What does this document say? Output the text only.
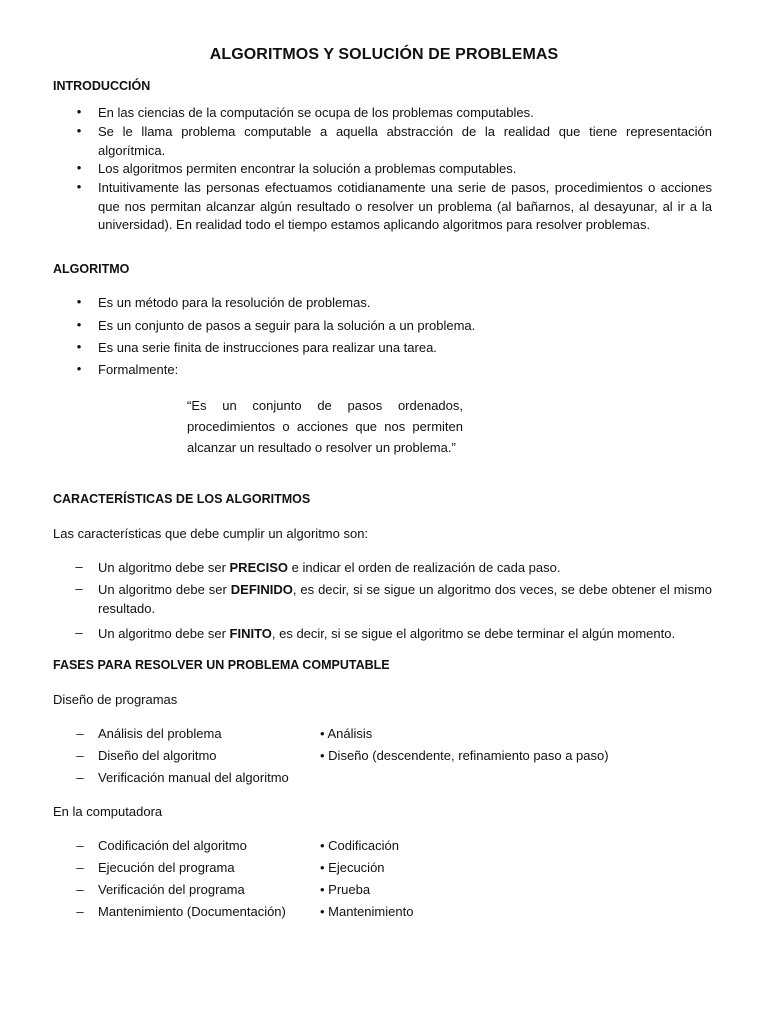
ALGORITMOS Y SOLUCIÓN DE PROBLEMAS
INTRODUCCIÓN
• En las ciencias de la computación se ocupa de los problemas computables.
• Se le llama problema computable a aquella abstracción de la realidad que tiene representación algorítmica.
• Los algoritmos permiten encontrar la solución a problemas computables.
• Intuitivamente las personas efectuamos cotidianamente una serie de pasos, procedimientos o acciones que nos permitan alcanzar algún resultado o resolver un problema (al bañarnos, al desayunar, al ir a la universidad). En realidad todo el tiempo estamos aplicando algoritmos para resolver problemas.
ALGORITMO
• Es un método para la resolución de problemas.
• Es un conjunto de pasos a seguir para la solución a un problema.
• Es una serie finita de instrucciones para realizar una tarea.
• Formalmente:
“Es un conjunto de pasos ordenados, procedimientos o acciones que nos permiten alcanzar un resultado o resolver un problema.”
CARACTERÍSTICAS DE LOS ALGORITMOS
Las características que debe cumplir un algoritmo son:
– Un algoritmo debe ser PRECISO e indicar el orden de realización de cada paso.
– Un algoritmo debe ser DEFINIDO, es decir, si se sigue un algoritmo dos veces, se debe obtener el mismo resultado.
– Un algoritmo debe ser FINITO, es decir, si se sigue el algoritmo se debe terminar el algún momento.
FASES PARA RESOLVER UN PROBLEMA COMPUTABLE
Diseño de programas
– Análisis del problema	• Análisis
– Diseño del algoritmo	• Diseño (descendente, refinamiento paso a paso)
– Verificación manual del algoritmo
En la computadora
– Codificación del algoritmo	• Codificación
– Ejecución del programa	• Ejecución
– Verificación del programa	• Prueba
– Mantenimiento (Documentación)	• Mantenimiento
